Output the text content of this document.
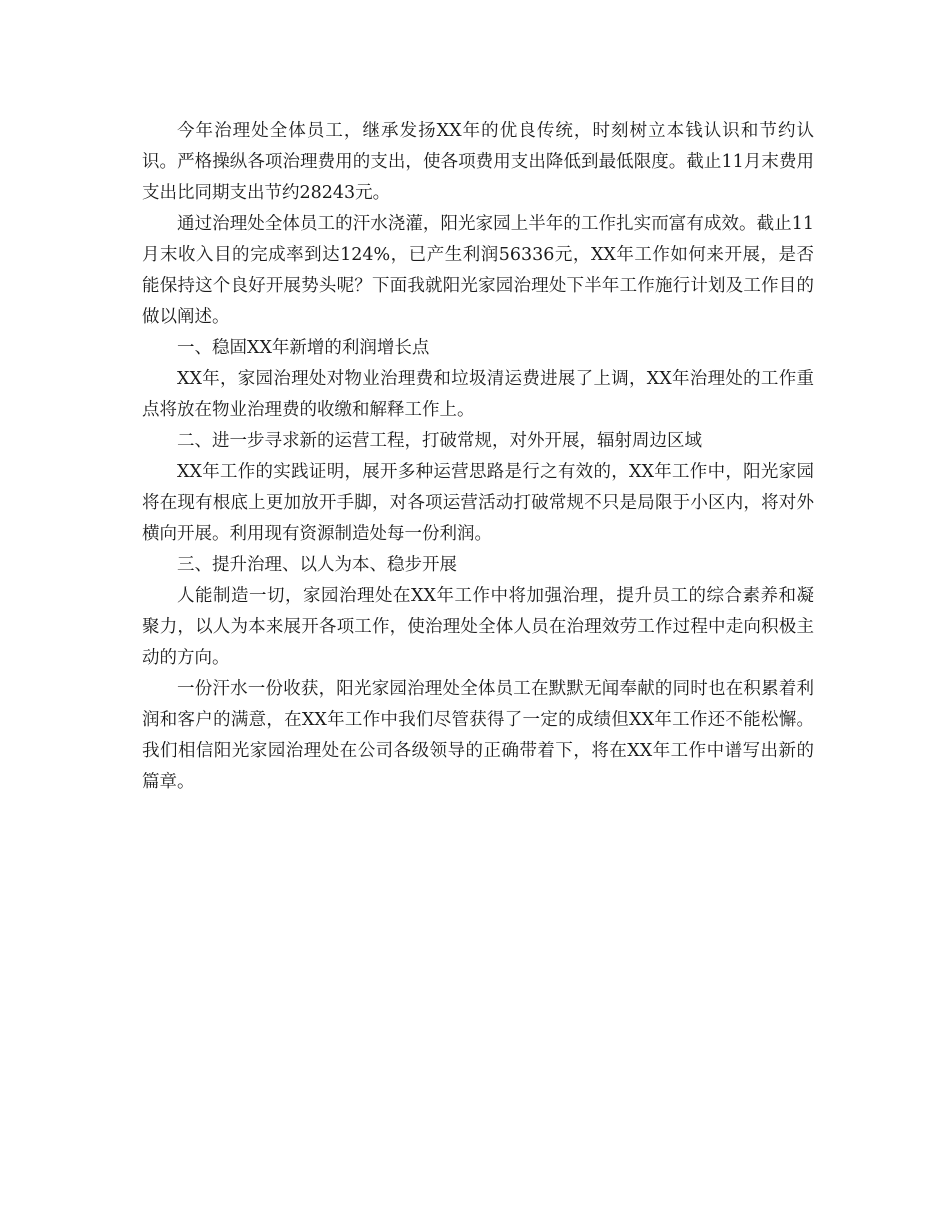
今年治理处全体员工，继承发扬XX年的优良传统，时刻树立本钱认识和节约认识。严格操纵各项治理费用的支出，使各项费用支出降低到最低限度。截止11月末费用支出比同期支出节约28243元。

通过治理处全体员工的汗水浇灌，阳光家园上半年的工作扎实而富有成效。截止11月末收入目的完成率到达124%，已产生利润56336元，XX年工作如何来开展，是否能保持这个良好开展势头呢？下面我就阳光家园治理处下半年工作施行计划及工作目的做以阐述。

一、稳固XX年新增的利润增长点

XX年，家园治理处对物业治理费和垃圾清运费进展了上调，XX年治理处的工作重点将放在物业治理费的收缴和解释工作上。

二、进一步寻求新的运营工程，打破常规，对外开展，辐射周边区域

XX年工作的实践证明，展开多种运营思路是行之有效的，XX年工作中，阳光家园将在现有根底上更加放开手脚，对各项运营活动打破常规不只是局限于小区内，将对外横向开展。利用现有资源制造处每一份利润。

三、提升治理、以人为本、稳步开展

人能制造一切，家园治理处在XX年工作中将加强治理，提升员工的综合素养和凝聚力，以人为本来展开各项工作，使治理处全体人员在治理效劳工作过程中走向积极主动的方向。

一份汗水一份收获，阳光家园治理处全体员工在默默无闻奉献的同时也在积累着利润和客户的满意，在XX年工作中我们尽管获得了一定的成绩但XX年工作还不能松懈。我们相信阳光家园治理处在公司各级领导的正确带着下，将在XX年工作中谱写出新的篇章。
